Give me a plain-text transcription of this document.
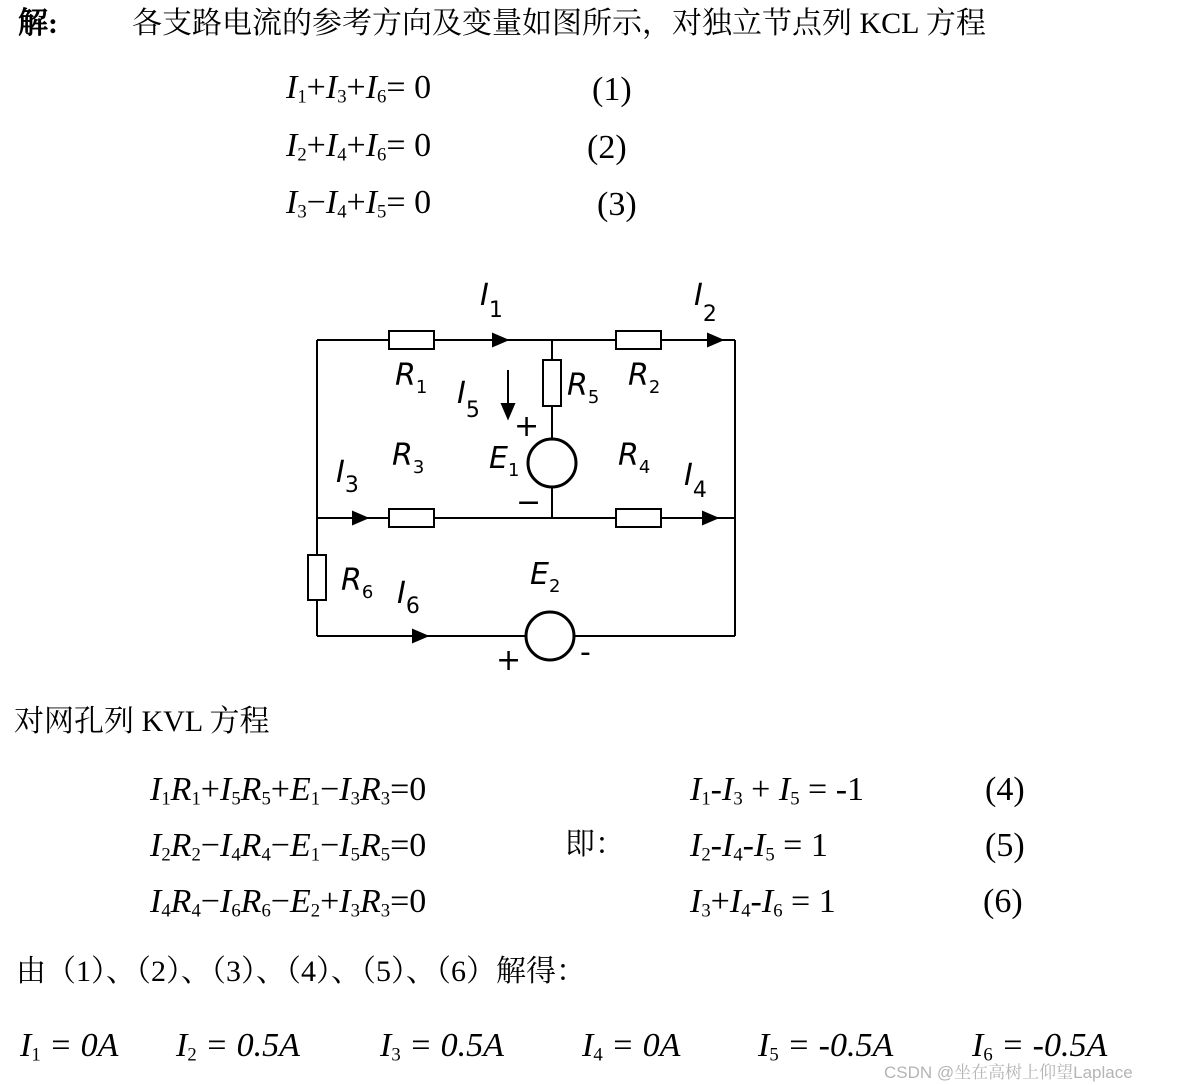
解: 各支路电流的参考方向及变量如图所示，对独立节点列 KCL 方程
$I_1+I_3+I_6= 0$	(1)
$I_2+I_4+I_6= 0$	(2)
$I_3-I_4+I_5= 0$	(3)
$I_1$	$I_2$
$I_3$	$I_4$
$I_5$
$I_6$
$R_1$	$R_2$
$R_3$	$R_4$
$R_5$
$R_6$
$E_1$
$E_2$
+
−
+ -
对网孔列 KVL 方程
$I_1R_1+I_5R_5+E_1-I_3R_3=0$
$I_2R_2-I_4R_4-E_1-I_5R_5=0$
$I_4R_4-I_6R_6-E_2+I_3R_3=0$
即：
$I_1-I_3 + I_5 = -1$	(4)
$I_2-I_4-I_5 = 1$	(5)
$I_3+I_4-I_6 = 1$	(6)
由（1）、（2）、（3）、（4）、（5）、（6）解得：
$I_1 = 0A$ $I_2 = 0.5A$ $I_3 = 0.5A$ $I_4 = 0A$ $I_5 = -0.5A$ $I_6 = -0.5A$
CSDN @坐在高树上仰望Laplace
